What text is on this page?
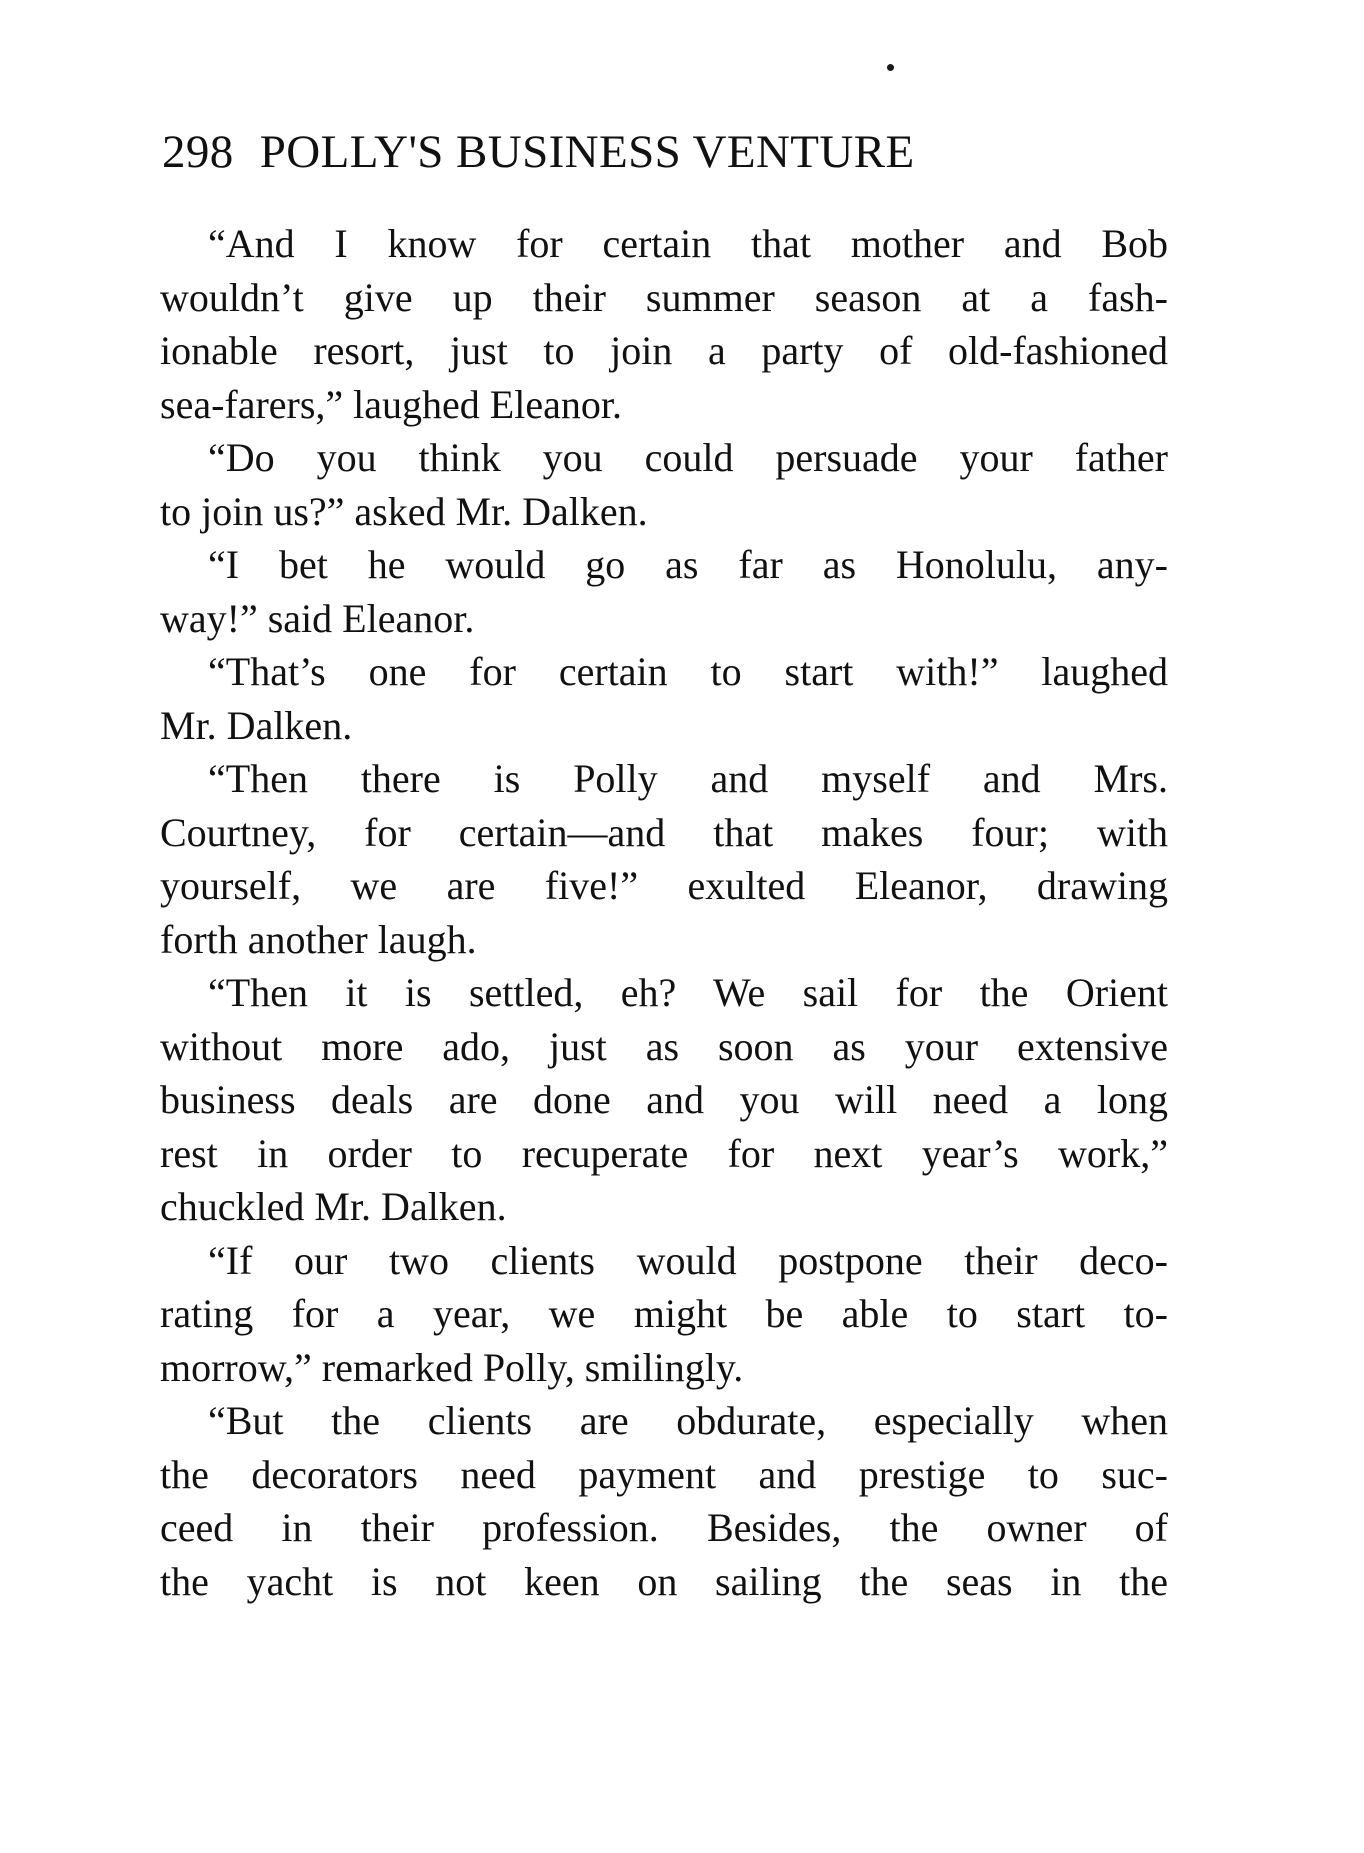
298 POLLY'S BUSINESS VENTURE
“And I know for certain that mother and Bob
wouldn’t give up their summer season at a fash-
ionable resort, just to join a party of old-fashioned
sea-farers,” laughed Eleanor.
“Do you think you could persuade your father
to join us?” asked Mr. Dalken.
“I bet he would go as far as Honolulu, any-
way!” said Eleanor.
“That’s one for certain to start with!” laughed
Mr. Dalken.
“Then there is Polly and myself and Mrs.
Courtney, for certain—and that makes four; with
yourself, we are five!” exulted Eleanor, drawing
forth another laugh.
“Then it is settled, eh? We sail for the Orient
without more ado, just as soon as your extensive
business deals are done and you will need a long
rest in order to recuperate for next year’s work,”
chuckled Mr. Dalken.
“If our two clients would postpone their deco-
rating for a year, we might be able to start to-
morrow,” remarked Polly, smilingly.
“But the clients are obdurate, especially when
the decorators need payment and prestige to suc-
ceed in their profession. Besides, the owner of
the yacht is not keen on sailing the seas in the
